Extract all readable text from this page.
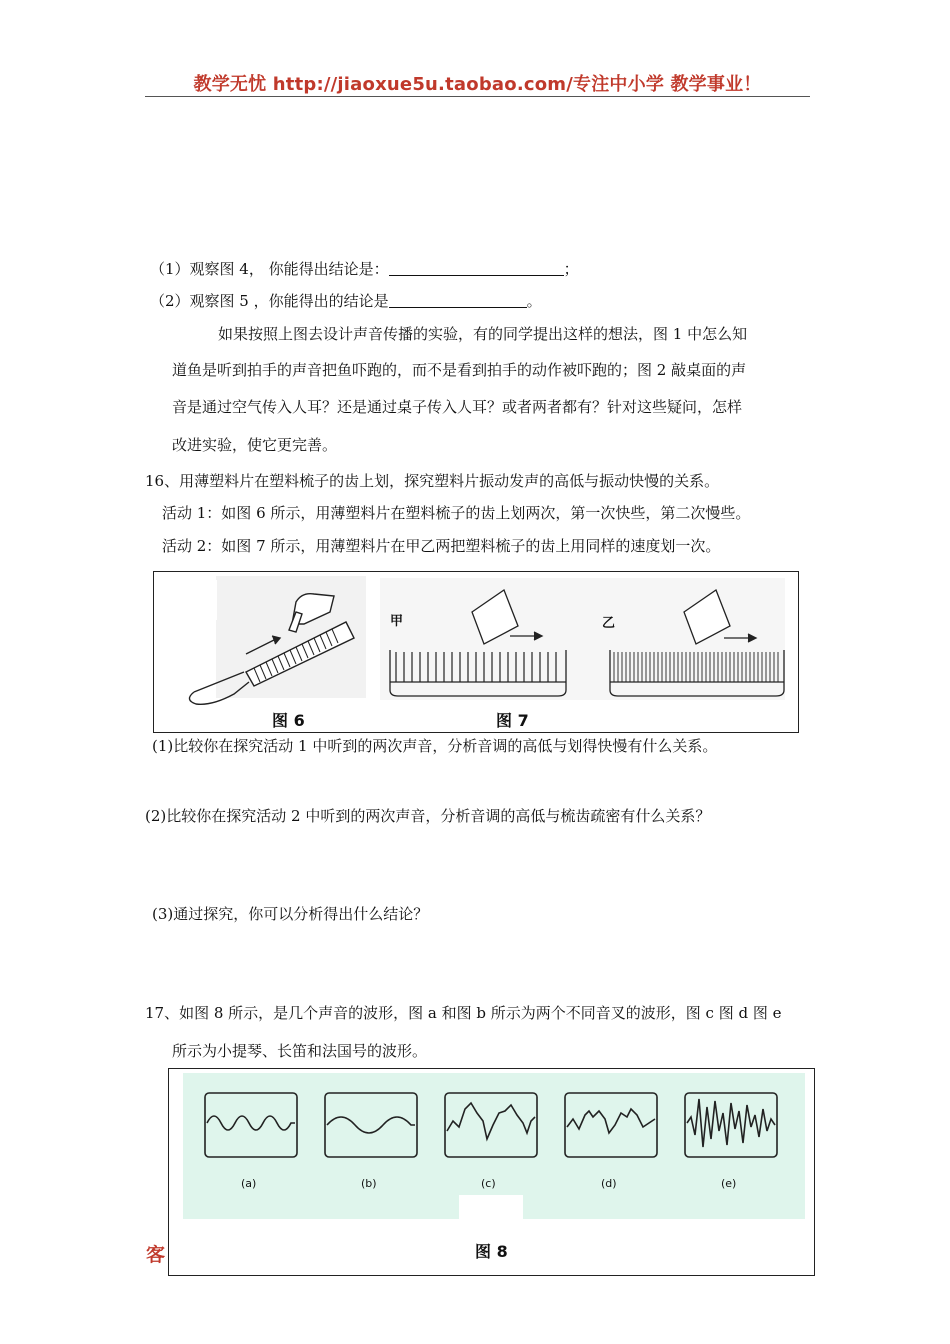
教学无忧 http://jiaoxue5u.taobao.com/专注中小学 教学事业！
（1）观察图 4， 你能得出结论是：	；
（2）观察图 5 ，你能得出的结论是	。
如果按照上图去设计声音传播的实验，有的同学提出这样的想法，图 1 中怎么知
道鱼是听到拍手的声音把鱼吓跑的，而不是看到拍手的动作被吓跑的；图 2 敲桌面的声
音是通过空气传入人耳？还是通过桌子传入人耳？或者两者都有？针对这些疑问，怎样
改进实验，使它更完善。
16、用薄塑料片在塑料梳子的齿上划，探究塑料片振动发声的高低与振动快慢的关系。
活动 1：如图 6 所示，用薄塑料片在塑料梳子的齿上划两次，第一次快些，第二次慢些。
活动 2：如图 7 所示，用薄塑料片在甲乙两把塑料梳子的齿上用同样的速度划一次。
甲	乙
图 6	图 7
(1)比较你在探究活动 1 中听到的两次声音，分析音调的高低与划得快慢有什么关系。
(2)比较你在探究活动 2 中听到的两次声音，分析音调的高低与梳齿疏密有什么关系？
(3)通过探究，你可以分析得出什么结论？
17、如图 8 所示，是几个声音的波形，图 a 和图 b 所示为两个不同音叉的波形，图 c 图 d 图 e
所示为小提琴、长笛和法国号的波形。
客
(a)	(b)	(c)	(d)	(e)
图 8
